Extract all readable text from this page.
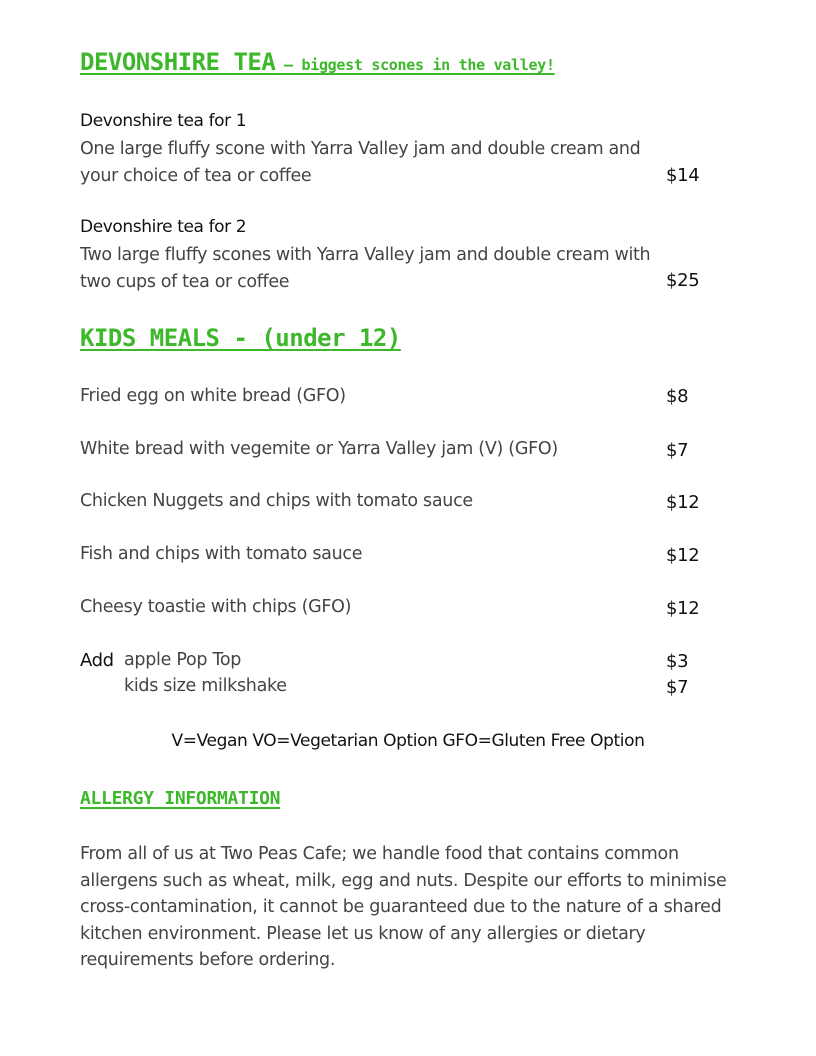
DEVONSHIRE TEA – biggest scones in the valley!
Devonshire tea for 1
One large fluffy scone with Yarra Valley jam and double cream and
your choice of tea or coffee	$14
Devonshire tea for 2
Two large fluffy scones with Yarra Valley jam and double cream with
two cups of tea or coffee	$25
KIDS MEALS - (under 12)
Fried egg on white bread (GFO)	$8
White bread with vegemite or Yarra Valley jam (V) (GFO)	$7
Chicken Nuggets and chips with tomato sauce	$12
Fish and chips with tomato sauce	$12
Cheesy toastie with chips (GFO)	$12
Add apple Pop Top	$3
kids size milkshake	$7
V=Vegan VO=Vegetarian Option GFO=Gluten Free Option
ALLERGY INFORMATION
From all of us at Two Peas Cafe; we handle food that contains common allergens such as wheat, milk, egg and nuts. Despite our efforts to minimise cross-contamination, it cannot be guaranteed due to the nature of a shared kitchen environment. Please let us know of any allergies or dietary requirements before ordering.
